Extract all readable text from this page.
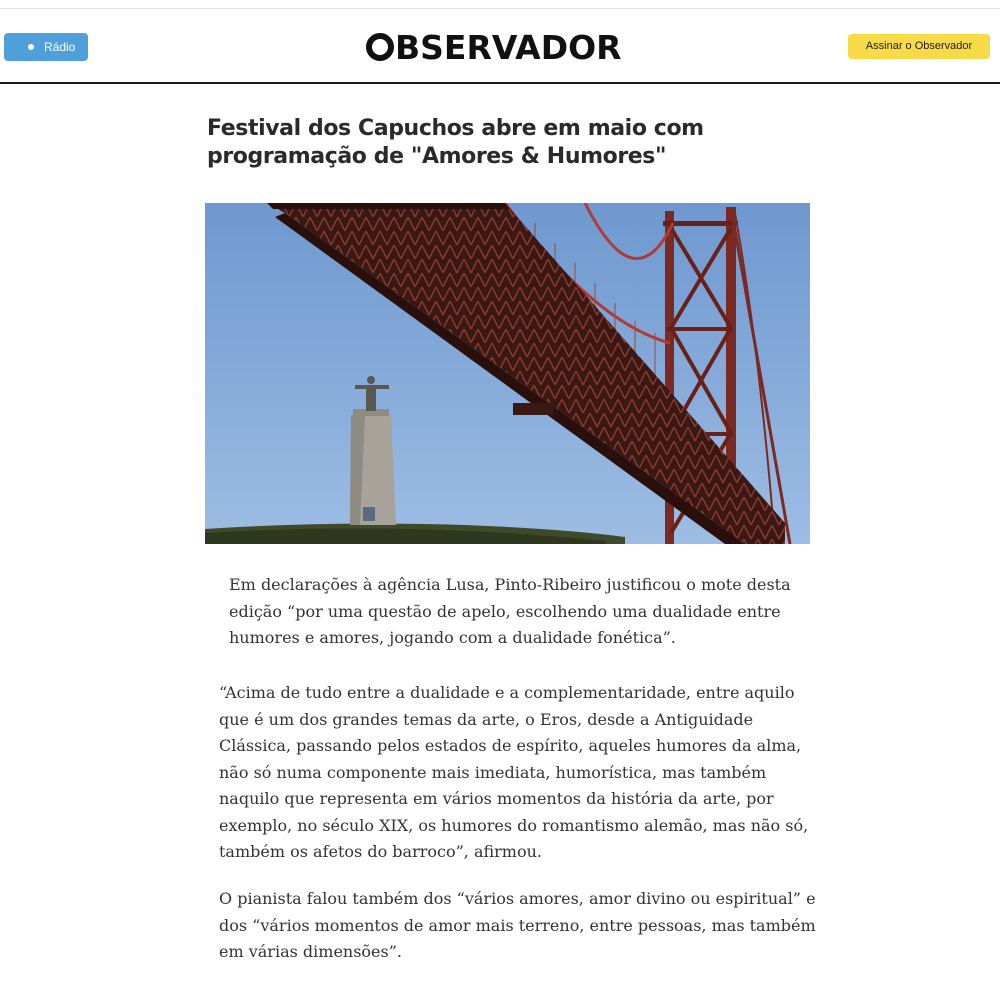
Rádio	BSERVADOR	Assinar o Observador
Festival dos Capuchos abre em maio com programação de "Amores & Humores"

Em declarações à agência Lusa, Pinto-Ribeiro justificou o mote desta edição “por uma questão de apelo, escolhendo uma dualidade entre humores e amores, jogando com a dualidade fonética”.

“Acima de tudo entre a dualidade e a complementaridade, entre aquilo que é um dos grandes temas da arte, o Eros, desde a Antiguidade Clássica, passando pelos estados de espírito, aqueles humores da alma, não só numa componente mais imediata, humorística, mas também naquilo que representa em vários momentos da história da arte, por exemplo, no século XIX, os humores do romantismo alemão, mas não só, também os afetos do barroco”, afirmou.

O pianista falou também dos “vários amores, amor divino ou espiritual” e dos “vários momentos de amor mais terreno, entre pessoas, mas também em várias dimensões”.
